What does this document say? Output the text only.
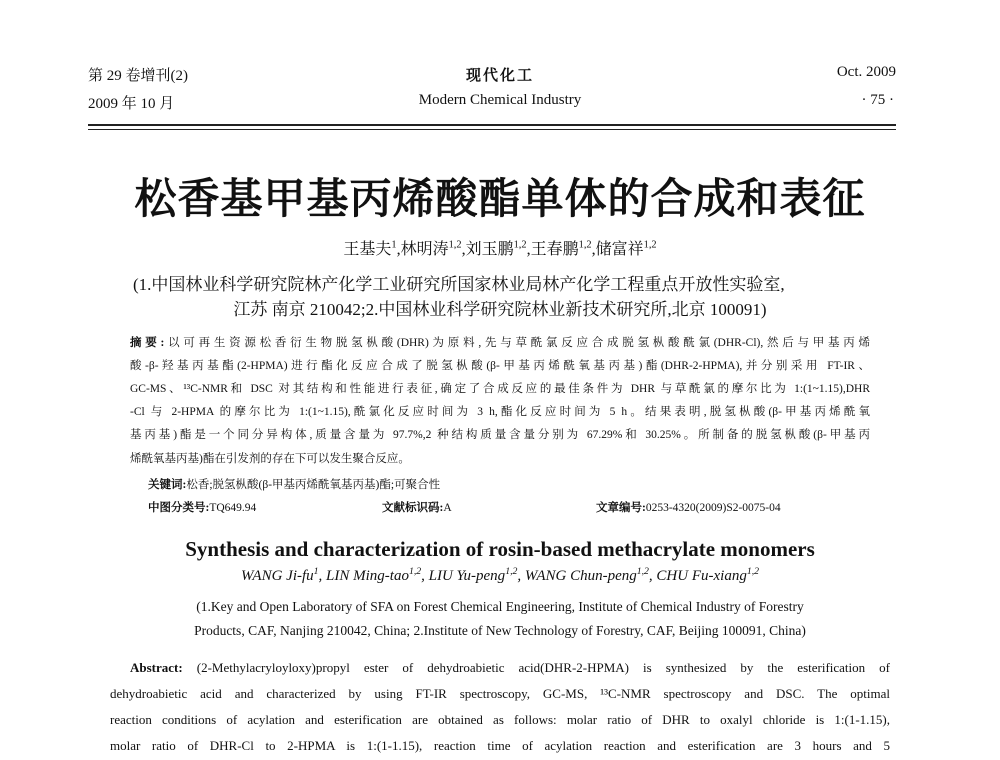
第 29 卷增刊(2)
2009 年 10 月
现代化工
Modern Chemical Industry
Oct. 2009
· 75 ·
松香基甲基丙烯酸酯单体的合成和表征
王基夫$^1$,林明涛$^{1,2}$,刘玉鹏$^{1,2}$,王春鹏$^{1,2}$,储富祥$^{1,2}$
(1.中国林业科学研究院林产化学工业研究所国家林业局林产化学工程重点开放性实验室,
江苏 南京 210042;2.中国林业科学研究院林业新技术研究所,北京 100091)
摘要:以可再生资源松香衍生物脱氢枞酸(DHR)为原料,先与草酰氯反应合成脱氢枞酸酰氯(DHR-Cl),然后与甲基丙烯
酸-β-羟基丙基酯(2-HPMA)进行酯化反应合成了脱氢枞酸(β-甲基丙烯酰氧基丙基)酯(DHR-2-HPMA),并分别采用 FT-IR、
GC-MS、¹³C-NMR和 DSC 对其结构和性能进行表征,确定了合成反应的最佳条件为 DHR 与草酰氯的摩尔比为 1:(1~1.15),DHR
-Cl 与 2-HPMA 的摩尔比为 1:(1~1.15),酰氯化反应时间为 3 h,酯化反应时间为 5 h。结果表明,脱氢枞酸(β-甲基丙烯酰氧
基丙基)酯是一个同分异构体,质量含量为 97.7%,2 种结构质量含量分别为 67.29%和 30.25%。所制备的脱氢枞酸(β-甲基丙
烯酰氧基丙基)酯在引发剂的存在下可以发生聚合反应。
关键词:松香;脱氢枞酸(β-甲基丙烯酰氧基丙基)酯;可聚合性
中图分类号:TQ649.94	文献标识码:A	文章编号:0253-4320(2009)S2-0075-04
Synthesis and characterization of rosin-based methacrylate monomers
WANG $Ji-fu^1$, LIN Ming-tao$^{1,2}$, LIU Yu-peng$^{1,2}$, WANG Chun-peng$^{1,2}$, CHU Fu-xiang$^{1,2}$
(1.Key and Open Laboratory of SFA on Forest Chemical Engineering, Institute of Chemical Industry of Forestry
Products, CAF, Nanjing 210042, China; 2.Institute of New Technology of Forestry, CAF, Beijing 100091, China)
Abstract: (2-Methylacryloyloxy)propyl ester of dehydroabietic acid(DHR-2-HPMA) is synthesized by the esterification of
dehydroabietic acid and characterized by using FT-IR spectroscopy, GC-MS, ¹³C-NMR spectroscopy and DSC. The optimal
reaction conditions of acylation and esterification are obtained as follows: molar ratio of DHR to oxalyl chloride is 1:(1-1.15),
molar ratio of DHR-Cl to 2-HPMA is 1:(1-1.15), reaction time of acylation reaction and esterification are 3 hours and 5
